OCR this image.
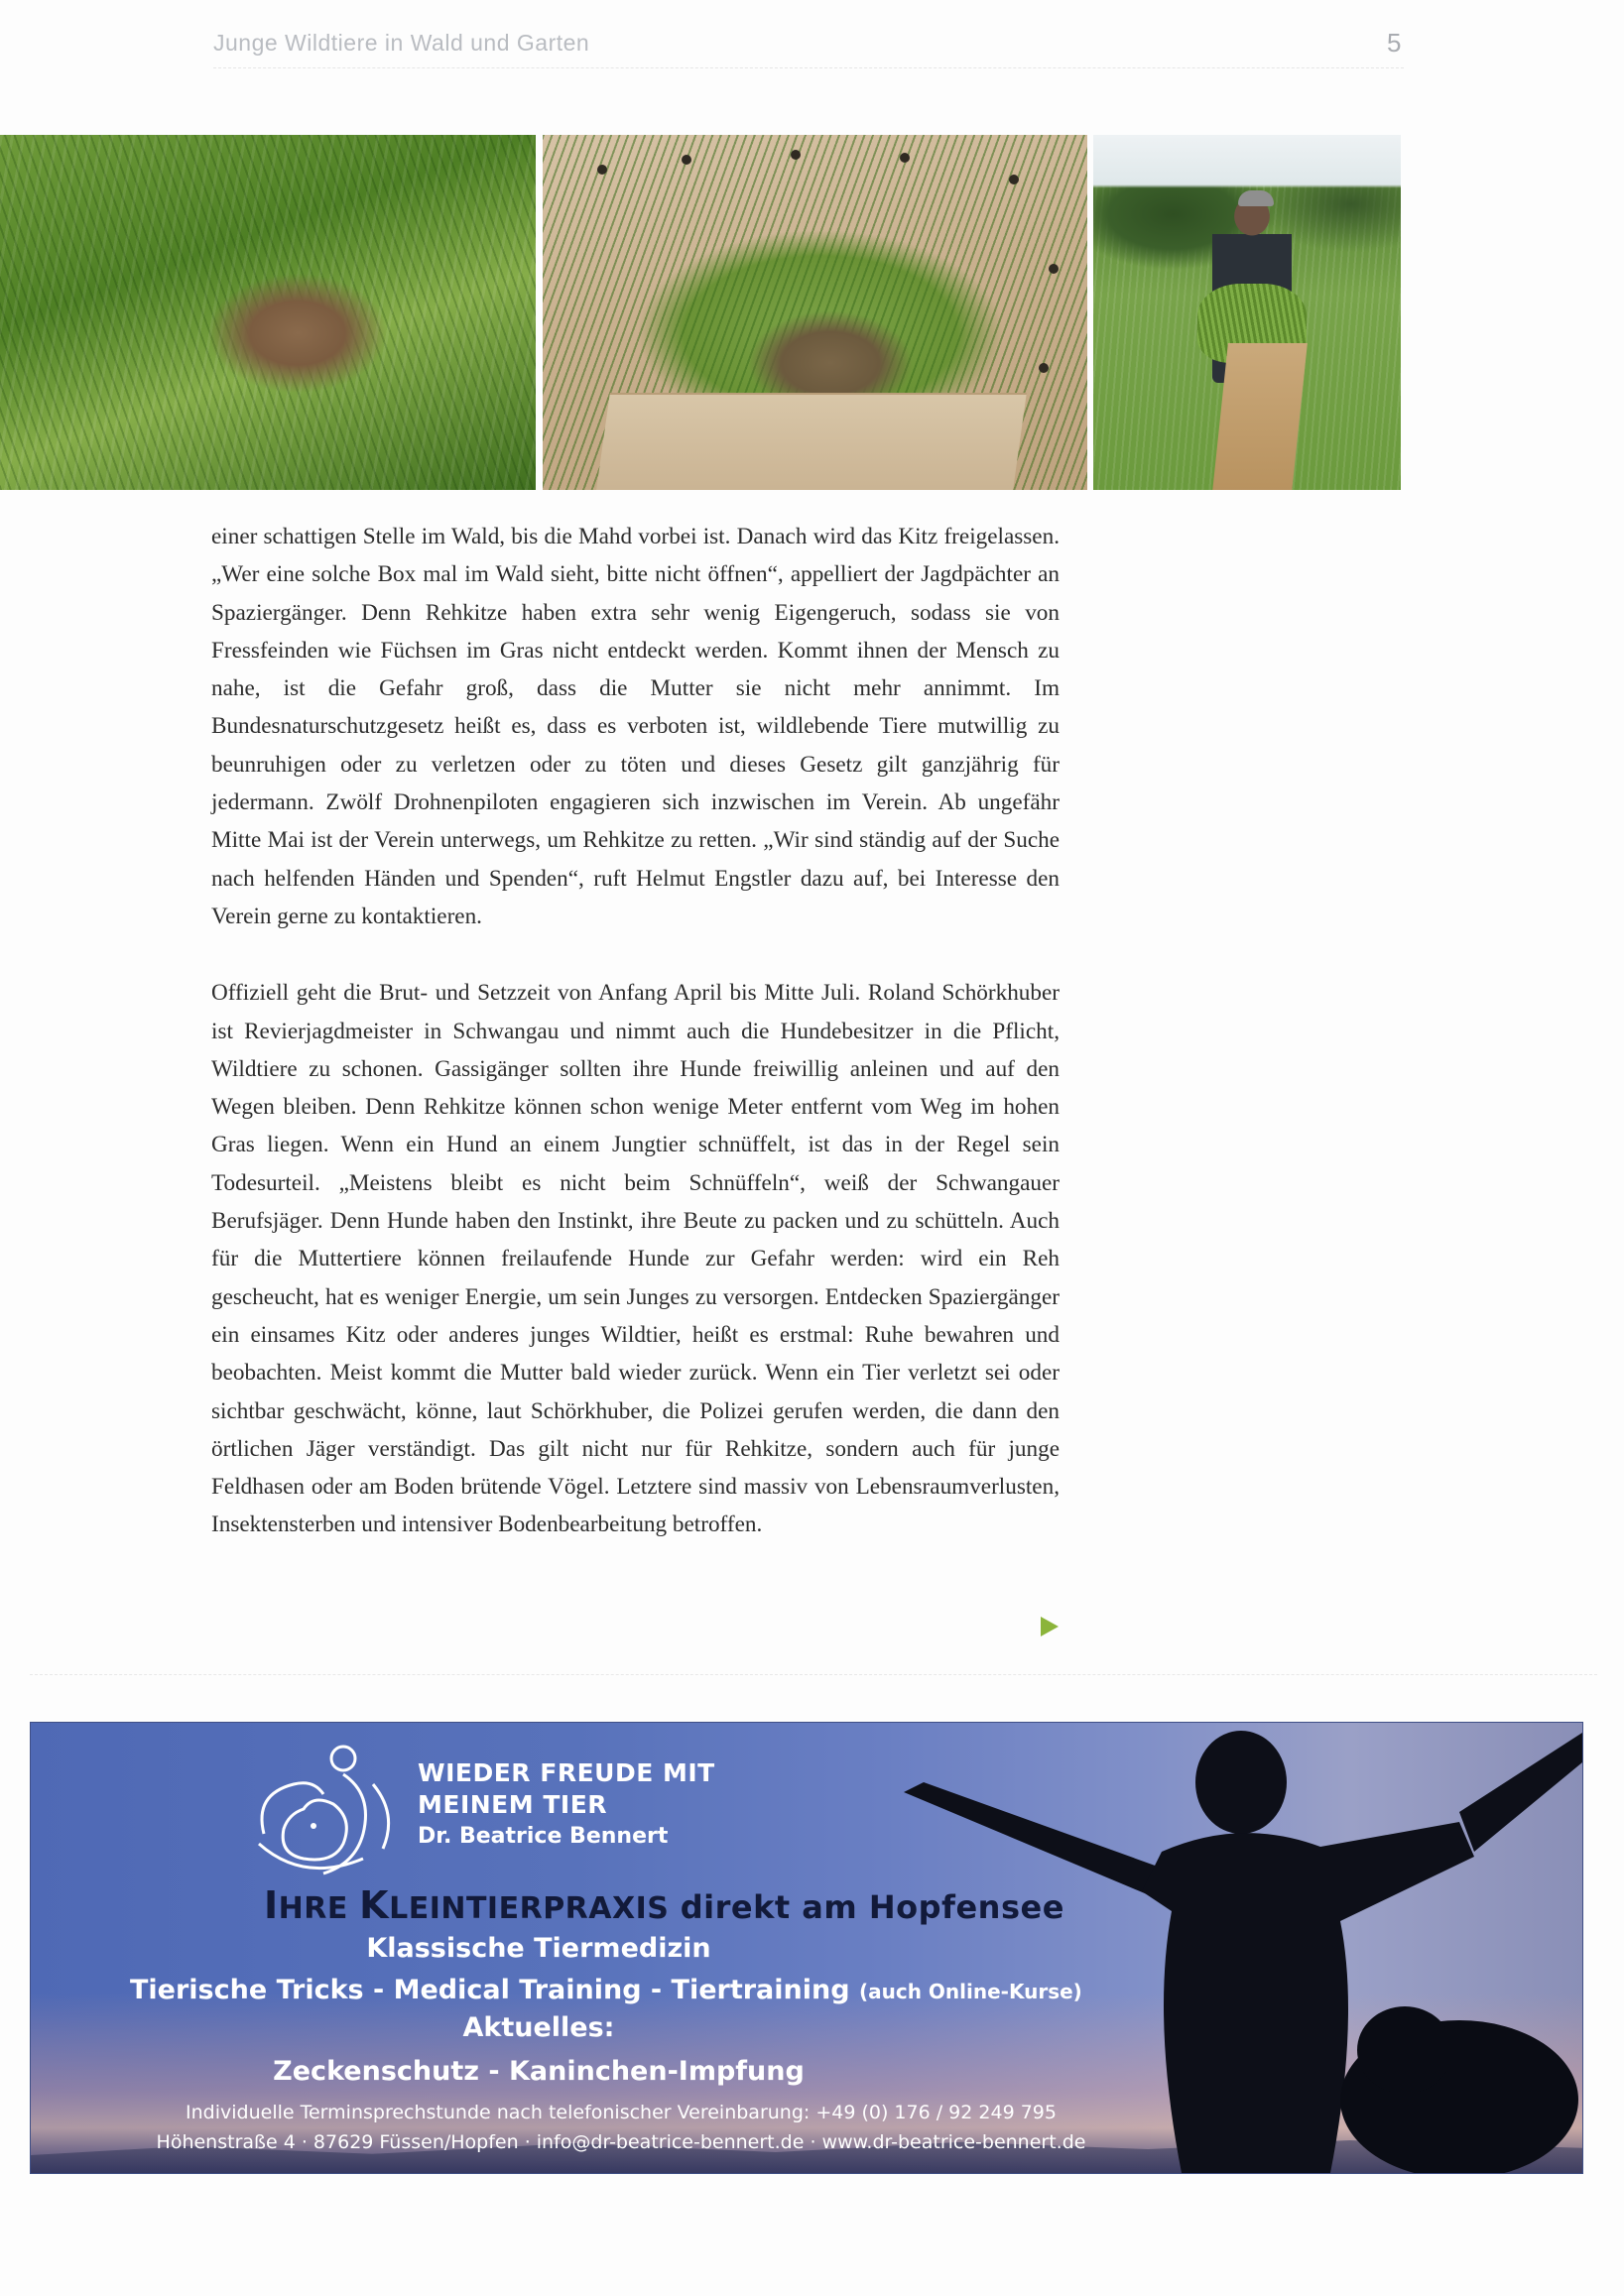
Junge Wildtiere in Wald und Garten	5

einer schattigen Stelle im Wald, bis die Mahd vorbei ist. Danach wird das Kitz freigelassen. „Wer eine solche Box mal im Wald sieht, bitte nicht öffnen“, appelliert der Jagdpächter an Spaziergänger. Denn Rehkitze haben extra sehr wenig Eigengeruch, sodass sie von Fressfeinden wie Füchsen im Gras nicht entdeckt werden. Kommt ihnen der Mensch zu nahe, ist die Gefahr groß, dass die Mutter sie nicht mehr annimmt. Im Bundesnaturschutzgesetz heißt es, dass es verboten ist, wildlebende Tiere mutwillig zu beunruhigen oder zu verletzen oder zu töten und dieses Gesetz gilt ganzjährig für jedermann. Zwölf Drohnenpiloten engagieren sich inzwischen im Verein. Ab ungefähr Mitte Mai ist der Verein unterwegs, um Rehkitze zu retten. „Wir sind ständig auf der Suche nach helfenden Händen und Spenden“, ruft Helmut Engstler dazu auf, bei Interesse den Verein gerne zu kontaktieren.

Offiziell geht die Brut- und Setzzeit von Anfang April bis Mitte Juli. Roland Schörkhuber ist Revierjagdmeister in Schwangau und nimmt auch die Hundebesitzer in die Pflicht, Wildtiere zu schonen. Gassigänger sollten ihre Hunde freiwillig anleinen und auf den Wegen bleiben. Denn Rehkitze können schon wenige Meter entfernt vom Weg im hohen Gras liegen. Wenn ein Hund an einem Jungtier schnüffelt, ist das in der Regel sein Todesurteil. „Meistens bleibt es nicht beim Schnüffeln“, weiß der Schwangauer Berufsjäger. Denn Hunde haben den Instinkt, ihre Beute zu packen und zu schütteln. Auch für die Muttertiere können freilaufende Hunde zur Gefahr werden: wird ein Reh gescheucht, hat es weniger Energie, um sein Junges zu versorgen. Entdecken Spaziergänger ein einsames Kitz oder anderes junges Wildtier, heißt es erstmal: Ruhe bewahren und beobachten. Meist kommt die Mutter bald wieder zurück. Wenn ein Tier verletzt sei oder sichtbar geschwächt, könne, laut Schörkhuber, die Polizei gerufen werden, die dann den örtlichen Jäger verständigt. Das gilt nicht nur für Rehkitze, sondern auch für junge Feldhasen oder am Boden brütende Vögel. Letztere sind massiv von Lebensraumverlusten, Insektensterben und intensiver Bodenbearbeitung betroffen.

WIEDER FREUDE MIT
MEINEM TIER
Dr. Beatrice Bennert
IHRE KLEINTIERPRAXIS direkt am Hopfensee
Klassische Tiermedizin
Tierische Tricks - Medical Training - Tiertraining (auch Online-Kurse)
Aktuelles:
Zeckenschutz - Kaninchen-Impfung
Individuelle Terminsprechstunde nach telefonischer Vereinbarung: +49 (0) 176 / 92 249 795
Höhenstraße 4 · 87629 Füssen/Hopfen · info@dr-beatrice-bennert.de · www.dr-beatrice-bennert.de
